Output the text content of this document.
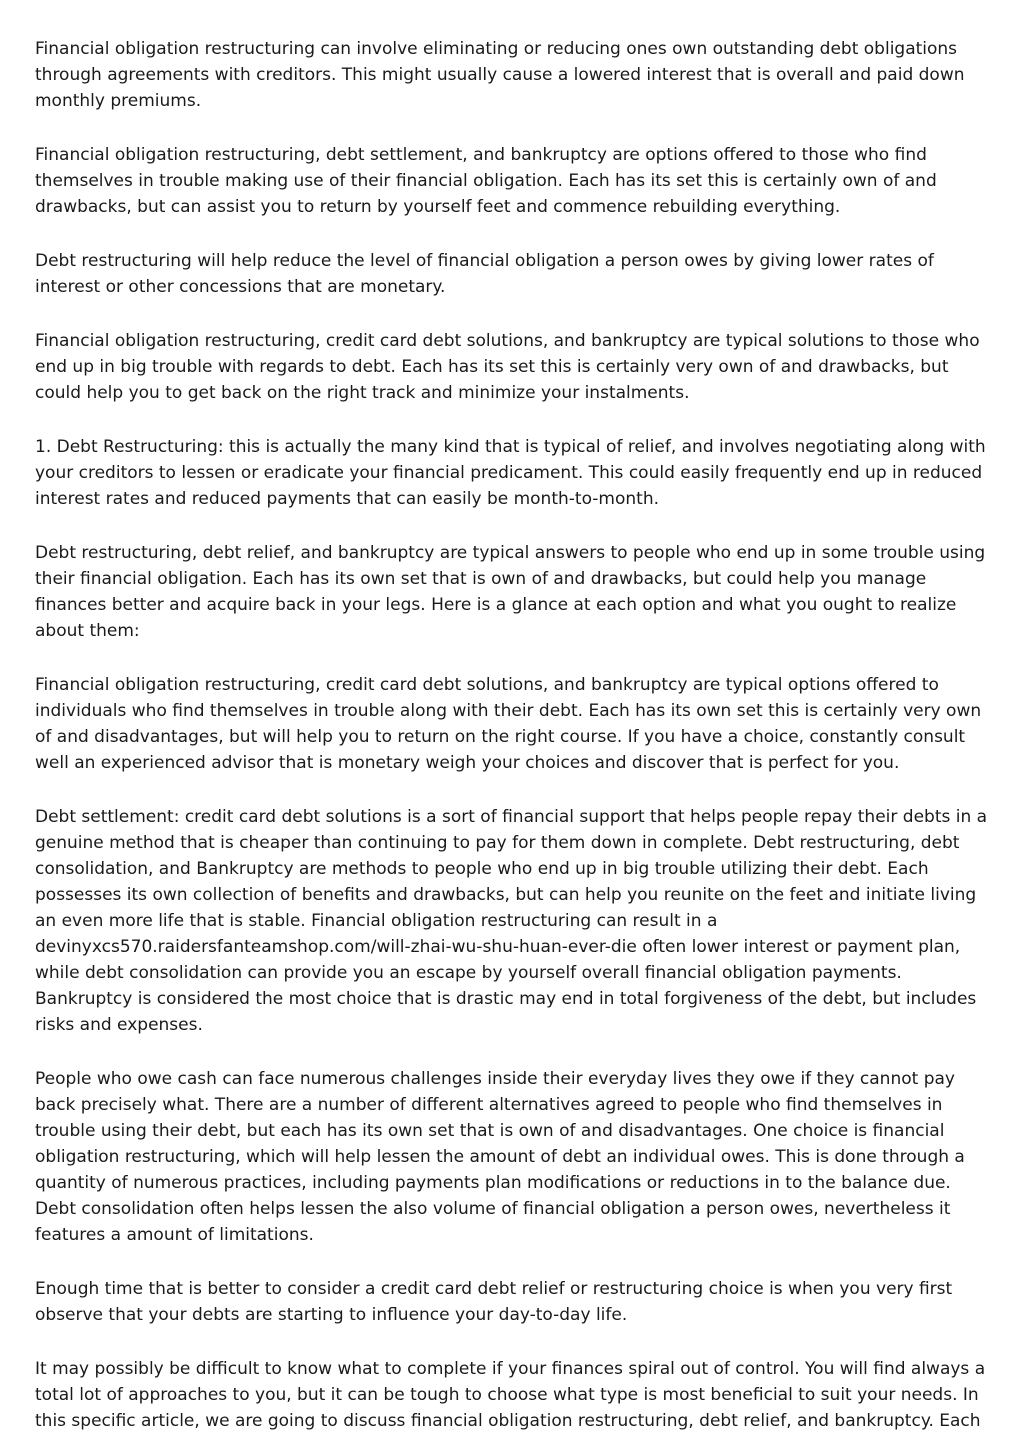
Financial obligation restructuring can involve eliminating or reducing ones own outstanding debt obligations through agreements with creditors. This might usually cause a lowered interest that is overall and paid down monthly premiums.

Financial obligation restructuring, debt settlement, and bankruptcy are options offered to those who find themselves in trouble making use of their financial obligation. Each has its set this is certainly own of and drawbacks, but can assist you to return by yourself feet and commence rebuilding everything.

Debt restructuring will help reduce the level of financial obligation a person owes by giving lower rates of interest or other concessions that are monetary.

Financial obligation restructuring, credit card debt solutions, and bankruptcy are typical solutions to those who end up in big trouble with regards to debt. Each has its set this is certainly very own of and drawbacks, but could help you to get back on the right track and minimize your instalments.

1. Debt Restructuring: this is actually the many kind that is typical of relief, and involves negotiating along with your creditors to lessen or eradicate your financial predicament. This could easily frequently end up in reduced interest rates and reduced payments that can easily be month-to-month.

Debt restructuring, debt relief, and bankruptcy are typical answers to people who end up in some trouble using their financial obligation. Each has its own set that is own of and drawbacks, but could help you manage finances better and acquire back in your legs. Here is a glance at each option and what you ought to realize about them:

Financial obligation restructuring, credit card debt solutions, and bankruptcy are typical options offered to individuals who find themselves in trouble along with their debt. Each has its own set this is certainly very own of and disadvantages, but will help you to return on the right course. If you have a choice, constantly consult well an experienced advisor that is monetary weigh your choices and discover that is perfect for you.

Debt settlement: credit card debt solutions is a sort of financial support that helps people repay their debts in a genuine method that is cheaper than continuing to pay for them down in complete. Debt restructuring, debt consolidation, and Bankruptcy are methods to people who end up in big trouble utilizing their debt. Each possesses its own collection of benefits and drawbacks, but can help you reunite on the feet and initiate living an even more life that is stable. Financial obligation restructuring can result in a devinyxcs570.raidersfanteamshop.com/will-zhai-wu-shu-huan-ever-die often lower interest or payment plan, while debt consolidation can provide you an escape by yourself overall financial obligation payments. Bankruptcy is considered the most choice that is drastic may end in total forgiveness of the debt, but includes risks and expenses.

People who owe cash can face numerous challenges inside their everyday lives they owe if they cannot pay back precisely what. There are a number of different alternatives agreed to people who find themselves in trouble using their debt, but each has its own set that is own of and disadvantages. One choice is financial obligation restructuring, which will help lessen the amount of debt an individual owes. This is done through a quantity of numerous practices, including payments plan modifications or reductions in to the balance due. Debt consolidation often helps lessen the also volume of financial obligation a person owes, nevertheless it features a amount of limitations.

Enough time that is better to consider a credit card debt relief or restructuring choice is when you very first observe that your debts are starting to influence your day-to-day life.

It may possibly be difficult to know what to complete if your finances spiral out of control. You will find always a total lot of approaches to you, but it can be tough to choose what type is most beneficial to suit your needs. In this specific article, we are going to discuss financial obligation restructuring, debt relief, and bankruptcy. Each
